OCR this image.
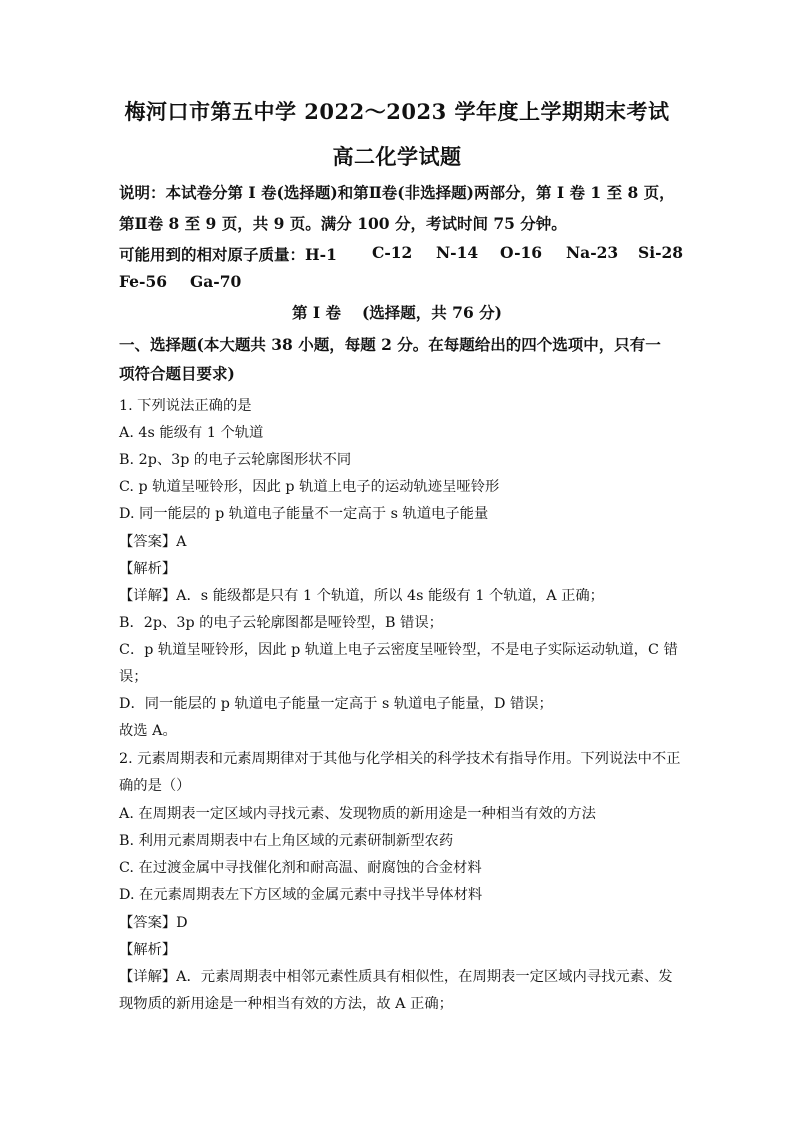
梅河口市第五中学 2022～2023 学年度上学期期末考试
高二化学试题
说明：本试卷分第 I 卷(选择题)和第Ⅱ卷(非选择题)两部分，第 I 卷 1 至 8 页，
第Ⅱ卷 8 至 9 页，共 9 页。满分 100 分，考试时间 75 分钟。
可能用到的相对原子质量：H-1 C-12 N-14 O-16 Na-23 Si-28
Fe-56 Ga-70
第 I 卷　 (选择题，共 76 分)
一、选择题(本大题共 38 小题，每题 2 分。在每题给出的四个选项中，只有一
项符合题目要求)
1. 下列说法正确的是
A. 4s 能级有 1 个轨道
B. 2p、3p 的电子云轮廓图形状不同
C. p 轨道呈哑铃形，因此 p 轨道上电子的运动轨迹呈哑铃形
D. 同一能层的 p 轨道电子能量不一定高于 s 轨道电子能量
【答案】A
【解析】
【详解】A．s 能级都是只有 1 个轨道，所以 4s 能级有 1 个轨道，A 正确；
B．2p、3p 的电子云轮廓图都是哑铃型，B 错误；
C．p 轨道呈哑铃形，因此 p 轨道上电子云密度呈哑铃型，不是电子实际运动轨道，C 错
误；
D．同一能层的 p 轨道电子能量一定高于 s 轨道电子能量，D 错误；
故选 A。
2. 元素周期表和元素周期律对于其他与化学相关的科学技术有指导作用。下列说法中不正
确的是（）
A. 在周期表一定区域内寻找元素、发现物质的新用途是一种相当有效的方法
B. 利用元素周期表中右上角区域的元素研制新型农药
C. 在过渡金属中寻找催化剂和耐高温、耐腐蚀的合金材料
D. 在元素周期表左下方区域的金属元素中寻找半导体材料
【答案】D
【解析】
【详解】A．元素周期表中相邻元素性质具有相似性，在周期表一定区域内寻找元素、发
现物质的新用途是一种相当有效的方法，故 A 正确；
